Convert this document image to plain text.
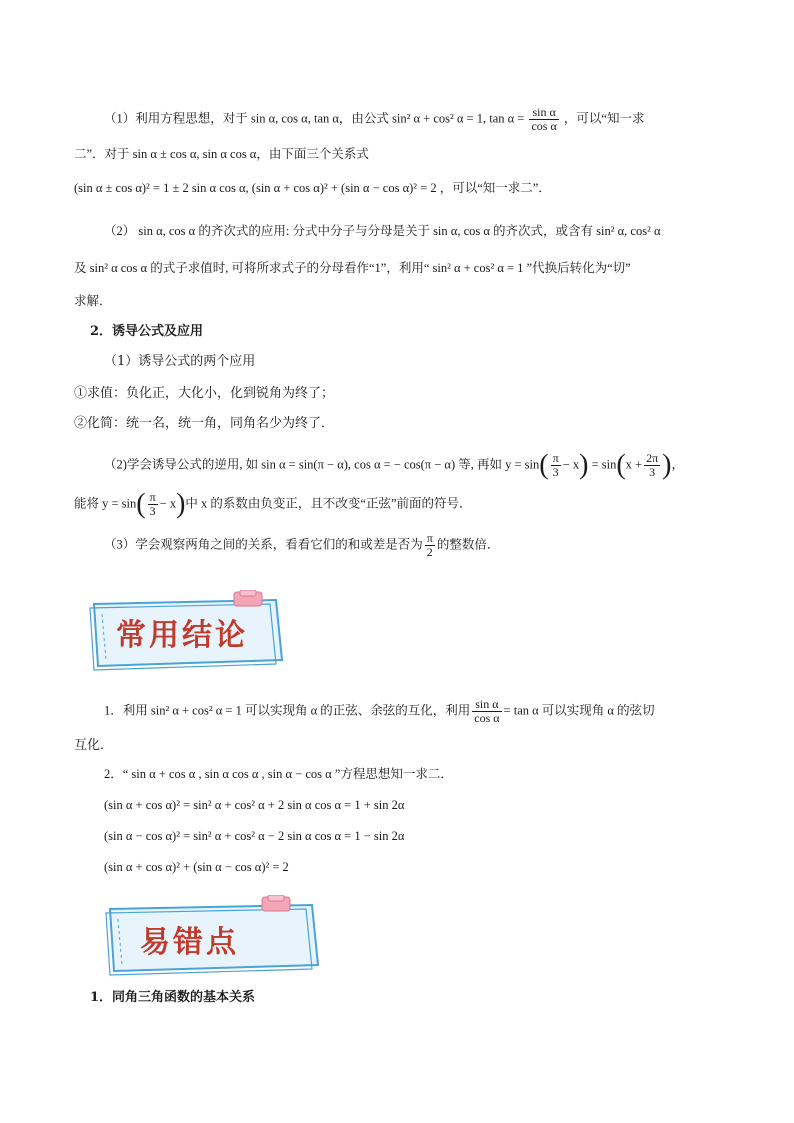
（1）利用方程思想，对于 sin α, cos α, tan α，由公式 sin² α + cos² α = 1, $\tan \alpha = \frac{\text{sin α}}{\text{cos α}}$ ，可以“知一求
二”．对于 sin α ± cos α, sin α cos α，由下面三个关系式
(sin α ± cos α)² = 1 ± 2 sin α cos α, (sin α + cos α)² + (sin α − cos α)² = 2 ，可以“知一求二”．
（2） sin α, cos α 的齐次式的应用: 分式中分子与分母是关于 sin α, cos α 的齐次式，或含有 sin² α, cos² α
及 sin² α cos α 的式子求值时, 可将所求式子的分母看作“1”，利用“ sin² α + cos² α = 1 ”代换后转化为“切”
求解．
2．诱导公式及应用
（1）诱导公式的两个应用
①求值：负化正，大化小，化到锐角为终了；
②化简：统一名，统一角，同角名少为终了．
（2)学会诱导公式的逆用, 如 sin α = sin(π − α), cos α = − cos(π − α) 等, 再如 $y = \sin( \frac{\pi}{3} - x) = \sin(x + \frac{2\pi}{3}$ )，
能将 $y = \sin( \frac{\pi}{3} - x)$中 x 的系数由负变正，且不改变“正弦”前面的符号．
（3）学会观察两角之间的关系，看看它们的和或差是否为 $\frac{\pi}{2}$ 的整数倍．
常用结论
1．利用 sin² α + cos² α = 1 可以实现角 α 的正弦、余弦的互化，利用 $\frac{\text{sin α}}{\text{cos α}} = \tan \alpha$ 可以实现角 α 的弦切
互化．
2．“ sin α + cos α , sin α cos α , sin α − cos α ”方程思想知一求二．
(sin α + cos α)² = sin² α + cos² α + 2 sin α cos α = 1 + sin 2α
(sin α − cos α)² = sin² α + cos² α − 2 sin α cos α = 1 − sin 2α
(sin α + cos α)² + (sin α − cos α)² = 2
易错点
1．同角三角函数的基本关系
